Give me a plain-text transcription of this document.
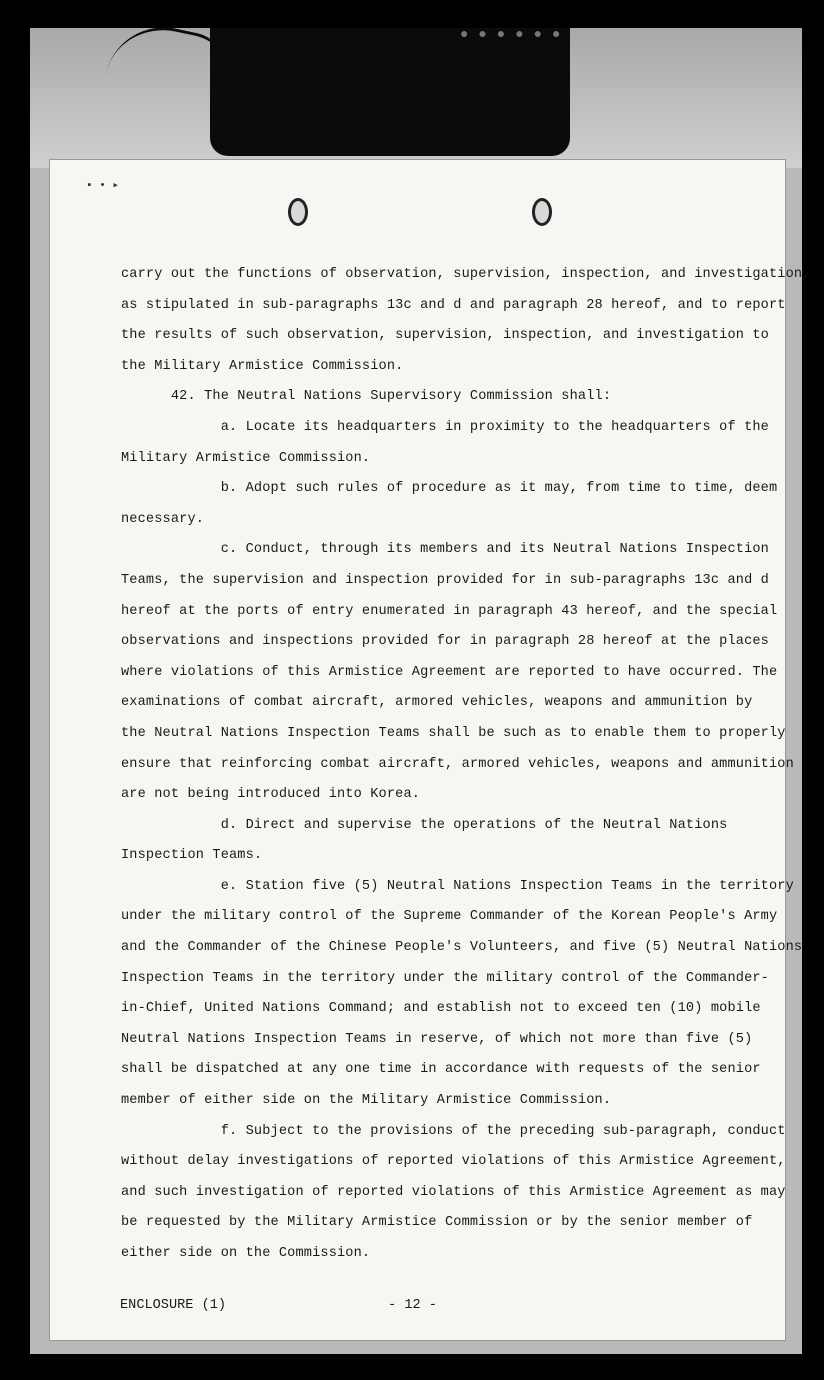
●●●●●●
▪ • ▸
carry out the functions of observation, supervision, inspection, and investigation,
as stipulated in sub-paragraphs 13c and d and paragraph 28 hereof, and to report
the results of such observation, supervision, inspection, and investigation to
the Military Armistice Commission.
42. The Neutral Nations Supervisory Commission shall:
a. Locate its headquarters in proximity to the headquarters of the
Military Armistice Commission.
b. Adopt such rules of procedure as it may, from time to time, deem
necessary.
c. Conduct, through its members and its Neutral Nations Inspection
Teams, the supervision and inspection provided for in sub-paragraphs 13c and d
hereof at the ports of entry enumerated in paragraph 43 hereof, and the special
observations and inspections provided for in paragraph 28 hereof at the places
where violations of this Armistice Agreement are reported to have occurred. The
examinations of combat aircraft, armored vehicles, weapons and ammunition by
the Neutral Nations Inspection Teams shall be such as to enable them to properly
ensure that reinforcing combat aircraft, armored vehicles, weapons and ammunition
are not being introduced into Korea.
d. Direct and supervise the operations of the Neutral Nations
Inspection Teams.
e. Station five (5) Neutral Nations Inspection Teams in the territory
under the military control of the Supreme Commander of the Korean People's Army
and the Commander of the Chinese People's Volunteers, and five (5) Neutral Nations
Inspection Teams in the territory under the military control of the Commander-
in-Chief, United Nations Command; and establish not to exceed ten (10) mobile
Neutral Nations Inspection Teams in reserve, of which not more than five (5)
shall be dispatched at any one time in accordance with requests of the senior
member of either side on the Military Armistice Commission.
f. Subject to the provisions of the preceding sub-paragraph, conduct
without delay investigations of reported violations of this Armistice Agreement,
and such investigation of reported violations of this Armistice Agreement as may
be requested by the Military Armistice Commission or by the senior member of
either side on the Commission.
ENCLOSURE (1)	- 12 -
